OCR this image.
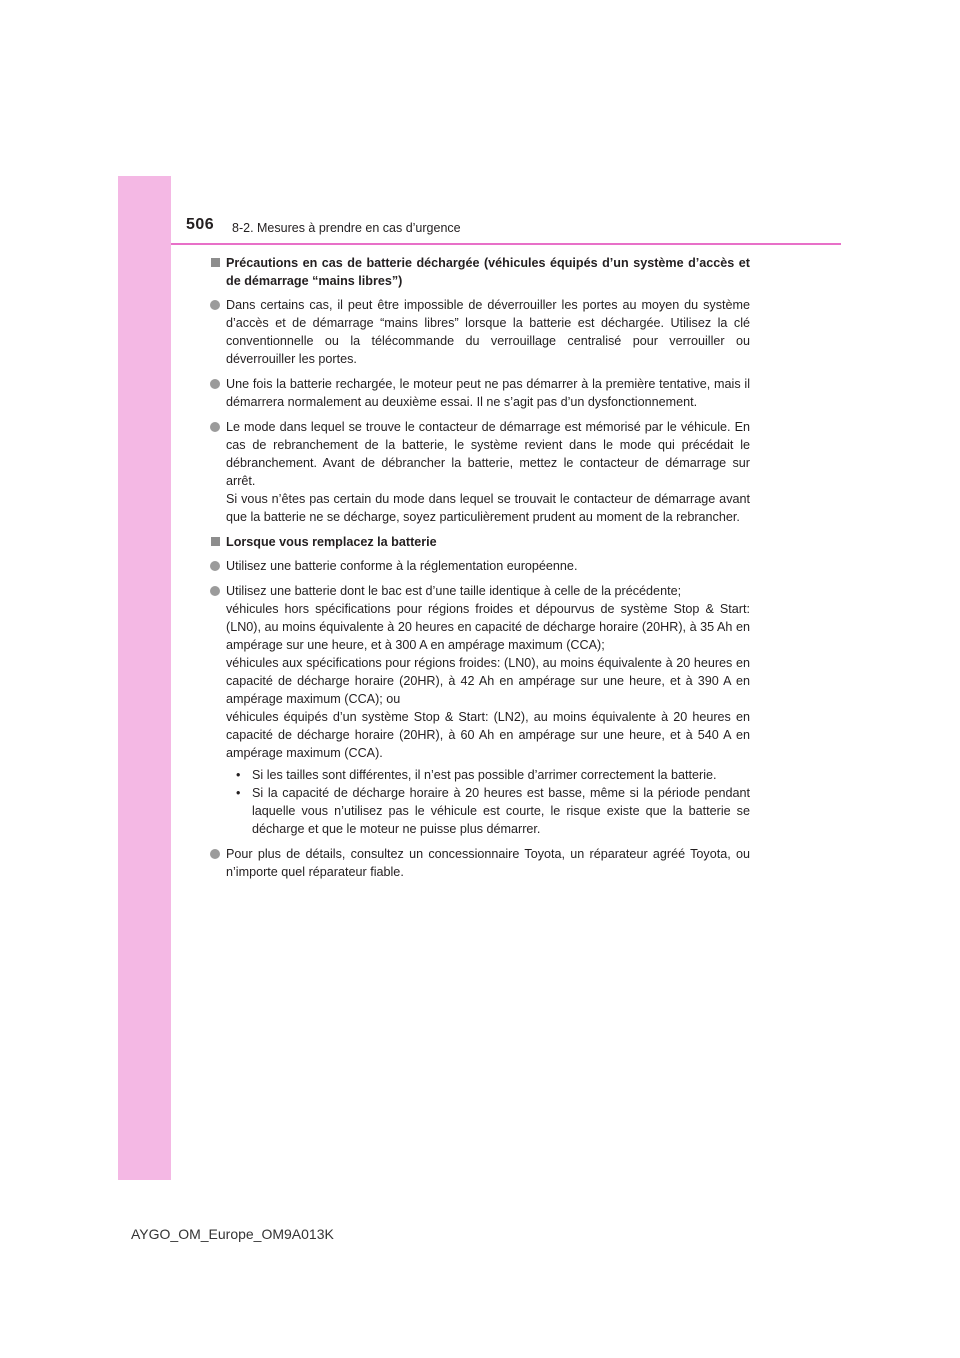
506 8-2. Mesures à prendre en cas d’urgence
Précautions en cas de batterie déchargée (véhicules équipés d’un système d’accès et de démarrage “mains libres”)
Dans certains cas, il peut être impossible de déverrouiller les portes au moyen du système d’accès et de démarrage “mains libres” lorsque la batterie est déchargée. Utilisez la clé conventionnelle ou la télécommande du verrouillage centralisé pour verrouiller ou déverrouiller les portes.
Une fois la batterie rechargée, le moteur peut ne pas démarrer à la première tentative, mais il démarrera normalement au deuxième essai. Il ne s’agit pas d’un dysfonctionnement.
Le mode dans lequel se trouve le contacteur de démarrage est mémorisé par le véhicule. En cas de rebranchement de la batterie, le système revient dans le mode qui précédait le débranchement. Avant de débrancher la batterie, mettez le contacteur de démarrage sur arrêt.
Si vous n’êtes pas certain du mode dans lequel se trouvait le contacteur de démarrage avant que la batterie ne se décharge, soyez particulièrement prudent au moment de la rebrancher.
Lorsque vous remplacez la batterie
Utilisez une batterie conforme à la réglementation européenne.
Utilisez une batterie dont le bac est d’une taille identique à celle de la précédente;
véhicules hors spécifications pour régions froides et dépourvus de système Stop & Start: (LN0), au moins équivalente à 20 heures en capacité de décharge horaire (20HR), à 35 Ah en ampérage sur une heure, et à 300 A en ampérage maximum (CCA);
véhicules aux spécifications pour régions froides: (LN0), au moins équivalente à 20 heures en capacité de décharge horaire (20HR), à 42 Ah en ampérage sur une heure, et à 390 A en ampérage maximum (CCA); ou
véhicules équipés d’un système Stop & Start: (LN2), au moins équivalente à 20 heures en capacité de décharge horaire (20HR), à 60 Ah en ampérage sur une heure, et à 540 A en ampérage maximum (CCA).
• Si les tailles sont différentes, il n’est pas possible d’arrimer correctement la batterie.
• Si la capacité de décharge horaire à 20 heures est basse, même si la période pendant laquelle vous n’utilisez pas le véhicule est courte, le risque existe que la batterie se décharge et que le moteur ne puisse plus démarrer.
Pour plus de détails, consultez un concessionnaire Toyota, un réparateur agréé Toyota, ou n’importe quel réparateur fiable.
AYGO_OM_Europe_OM9A013K
